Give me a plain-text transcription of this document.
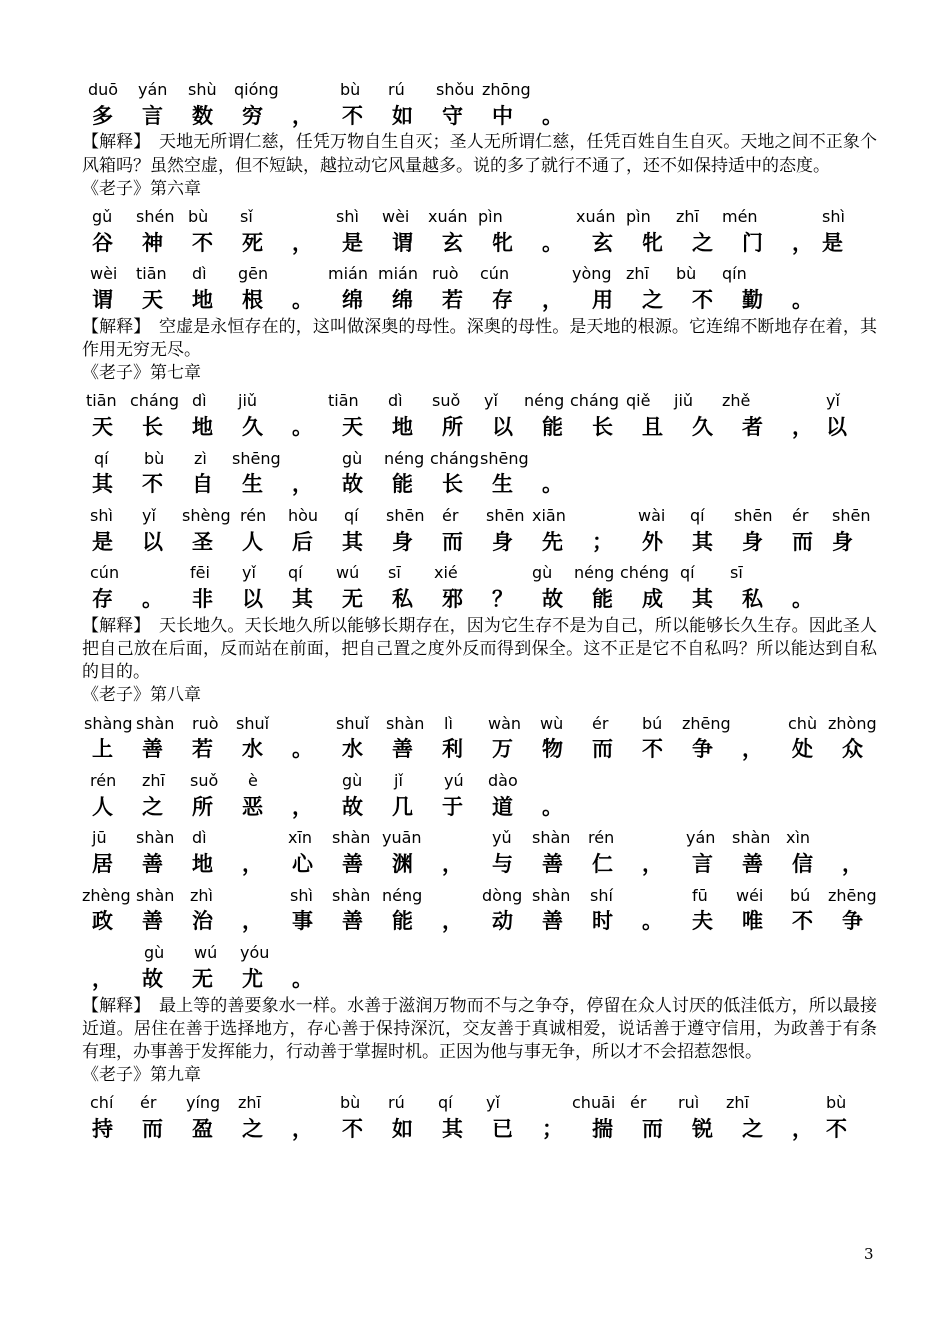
duō yán shù qióng	bù rú shǒu zhōng
多 言 数 穷 ， 不 如 守 中 。
【解释】　天地无所谓仁慈，任凭万物自生自灭；圣人无所谓仁慈，任凭百姓自生自灭。天地之间不正象个风箱吗？虽然空虚，但不短缺，越拉动它风量越多。说的多了就行不通了，还不如保持适中的态度。
《老子》第六章
gǔ shén bù sǐ	shì wèi xuán pìn	xuán pìn zhī mén	shì
谷 神 不 死 ， 是 谓 玄 牝 。 玄 牝 之 门 ， 是
wèi tiān dì gēn	mián mián ruò cún	yòng zhī bù qín
谓 天 地 根 。 绵 绵 若 存 ， 用 之 不 勤 。
【解释】　空虚是永恒存在的，这叫做深奥的母性。深奥的母性。是天地的根源。它连绵不断地存在着，其作用无穷无尽。
《老子》第七章
tiān cháng dì jiǔ	tiān dì suǒ yǐ néng cháng qiě jiǔ zhě	yǐ
天 长 地 久 。 天 地 所 以 能 长 且 久 者 ， 以
qí bù zì shēng	gù néng cháng shēng
其 不 自 生 ， 故 能 长 生 。
shì yǐ shèng rén hòu qí shēn ér shēn xiān	wài qí shēn ér shēn
是 以 圣 人 后 其 身 而 身 先 ； 外 其 身 而 身
cún	fēi yǐ qí wú sī xié	gù néng chéng qí sī
存 。 非 以 其 无 私 邪 ？ 故 能 成 其 私 。
【解释】　天长地久。天长地久所以能够长期存在，因为它生存不是为自己，所以能够长久生存。因此圣人把自己放在后面，反而站在前面，把自己置之度外反而得到保全。这不正是它不自私吗？所以能达到自私的目的。
《老子》第八章
shàng shàn ruò shuǐ	shuǐ shàn lì wàn wù ér bú zhēng	chù zhòng
上 善 若 水 。 水 善 利 万 物 而 不 争 ， 处 众
rén zhī suǒ è	gù jǐ	yú dào
人 之 所 恶 ， 故 几 于 道 。
jū shàn dì	xīn shàn yuān	yǔ shàn rén	yán shàn xìn
居 善 地 ， 心 善 渊 ， 与 善 仁 ， 言 善 信 ，
zhèng shàn zhì	shì shàn néng	dòng shàn shí	fū wéi bú zhēng
政 善 治 ， 事 善 能 ， 动 善 时 。 夫 唯 不 争
gù wú yóu
， 故 无 尤 。
【解释】　最上等的善要象水一样。水善于滋润万物而不与之争夺，停留在众人讨厌的低洼低方，所以最接近道。居住在善于选择地方，存心善于保持深沉，交友善于真诚相爱，说话善于遵守信用，为政善于有条有理，办事善于发挥能力，行动善于掌握时机。正因为他与事无争，所以才不会招惹怨恨。
《老子》第九章
chí ér yíng zhī	bù rú qí yǐ	chuāi ér ruì zhī	bù
持 而 盈 之 ， 不 如 其 已 ； 揣 而 锐 之 ， 不
3
